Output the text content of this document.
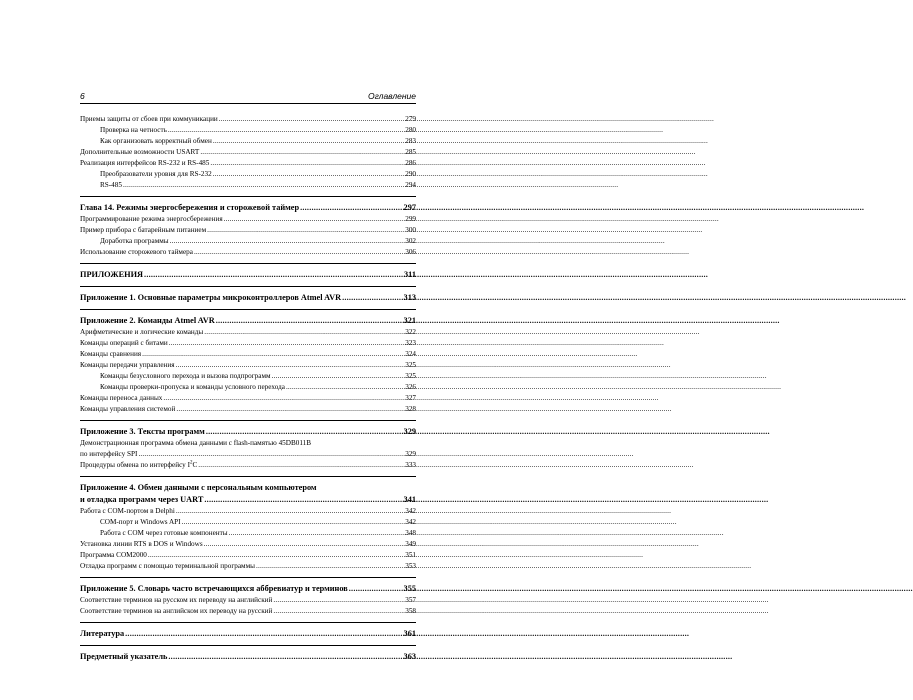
6	Оглавление
Приемы защиты от сбоев при коммуникации .....	279
Проверка на четность .....	280
Как организовать корректный обмен .....	283
Дополнительные возможности USART .....	285
Реализация интерфейсов RS-232 и RS-485 .....	286
Преобразователи уровня для RS-232 .....	290
RS-485 .....	294
Глава 14. Режимы энергосбережения и сторожевой таймер .....	297
Программирование режима энергосбережения .....	299
Пример прибора с батарейным питанием .....	300
Доработка программы .....	302
Использование сторожевого таймера .....	306
ПРИЛОЖЕНИЯ .....	311
Приложение 1. Основные параметры микроконтроллеров Atmel AVR .....	313
Приложение 2. Команды Atmel AVR .....	321
Арифметические и логические команды .....	322
Команды операций с битами .....	323
Команды сравнения .....	324
Команды передачи управления .....	325
Команды безусловного перехода и вызова подпрограмм .....	325
Команды проверки-пропуска и команды условного перехода .....	326
Команды переноса данных .....	327
Команды управления системой .....	328
Приложение 3. Тексты программ .....	329
Демонстрационная программа обмена данными с flash-памятью 45DB011B
по интерфейсу SPI .....	329
Процедуры обмена по интерфейсу $I^2C$ .....	333
Приложение 4. Обмен данными с персональным компьютером
и отладка программ через UART .....	341
Работа с COM-портом в Delphi .....	342
COM-порт и Windows API .....	342
Работа с COM через готовые компоненты .....	348
Установка линии RTS в DOS и Windows .....	349
Программа COM2000 .....	351
Отладка программ с помощью терминальной программы .....	353
Приложение 5. Словарь часто встречающихся аббревиатур и терминов .....	355
Соответствие терминов на русском их переводу на английский .....	357
Соответствие терминов на английском их переводу на русский .....	358
Литература .....	361
Предметный указатель .....	363
